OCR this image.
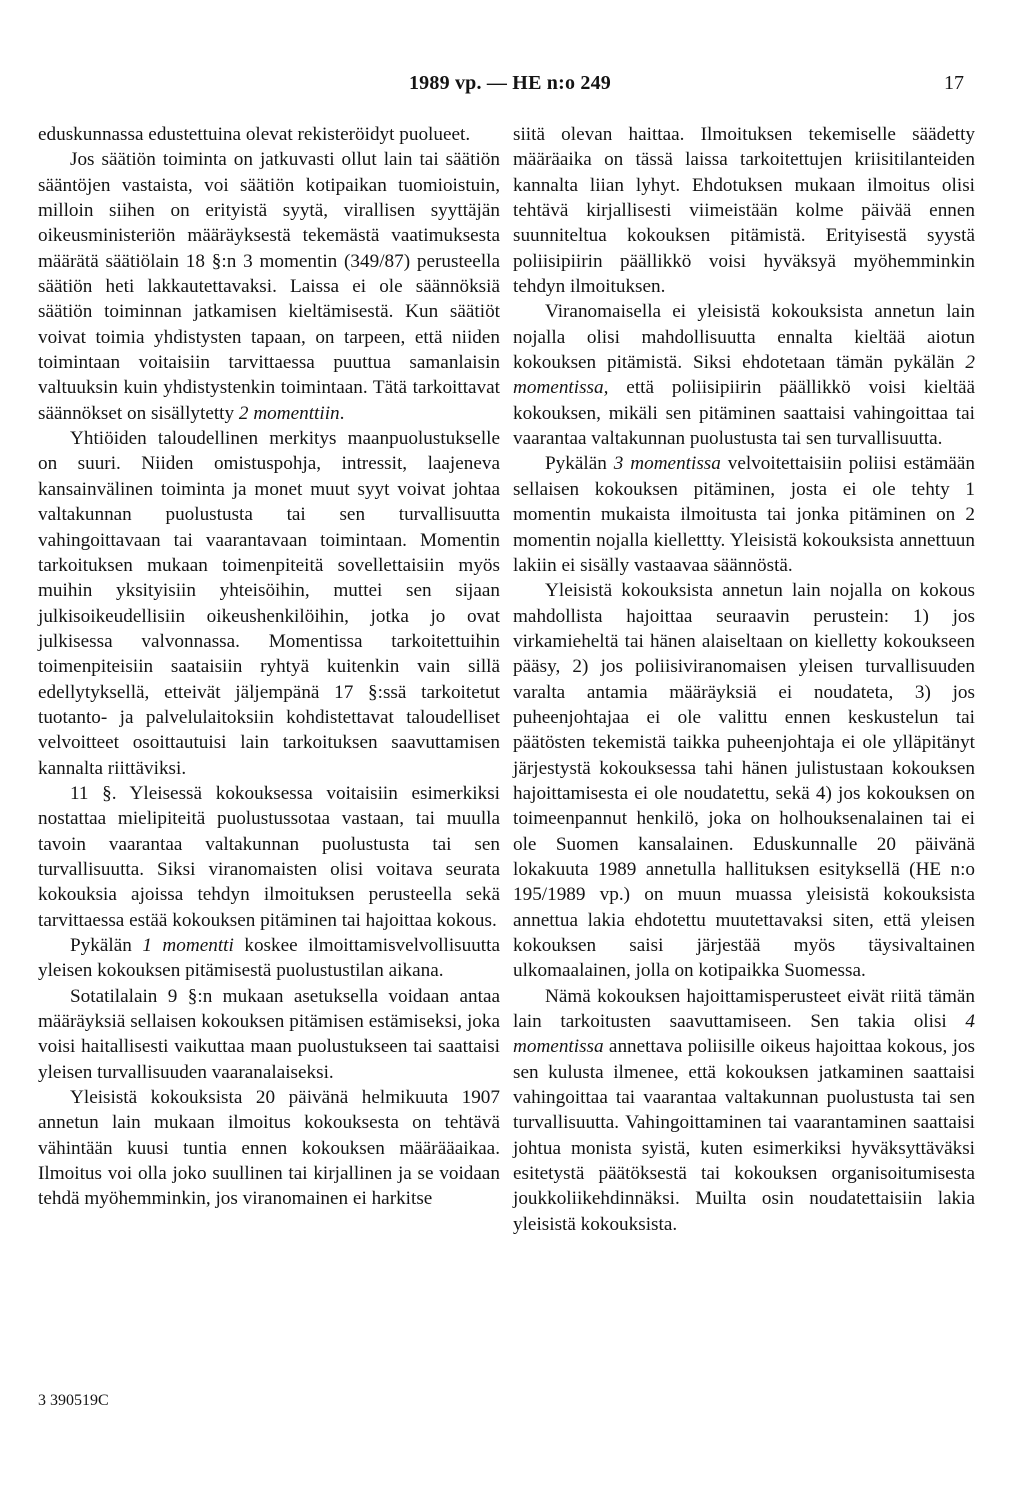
1989 vp. — HE n:o 249	17

eduskunnassa edustettuina olevat rekisteröidyt puolueet.

Jos säätiön toiminta on jatkuvasti ollut lain tai säätiön sääntöjen vastaista, voi säätiön kotipaikan tuomioistuin, milloin siihen on erityistä syytä, virallisen syyttäjän oikeusministeriön määräyksestä tekemästä vaatimuksesta määrätä säätiölain 18 §:n 3 momentin (349/87) perusteella säätiön heti lakkautettavaksi. Laissa ei ole säännöksiä säätiön toiminnan jatkamisen kieltämisestä. Kun säätiöt voivat toimia yhdistysten tapaan, on tarpeen, että niiden toimintaan voitaisiin tarvittaessa puuttua samanlaisin valtuuksin kuin yhdistystenkin toimintaan. Tätä tarkoittavat säännökset on sisällytetty 2 momenttiin.

Yhtiöiden taloudellinen merkitys maanpuolustukselle on suuri. Niiden omistuspohja, intressit, laajeneva kansainvälinen toiminta ja monet muut syyt voivat johtaa valtakunnan puolustusta tai sen turvallisuutta vahingoittavaan tai vaarantavaan toimintaan. Momentin tarkoituksen mukaan toimenpiteitä sovellettaisiin myös muihin yksityisiin yhteisöihin, muttei sen sijaan julkisoikeudellisiin oikeushenkilöihin, jotka jo ovat julkisessa valvonnassa. Momentissa tarkoitettuihin toimenpiteisiin saataisiin ryhtyä kuitenkin vain sillä edellytyksellä, etteivät jäljempänä 17 §:ssä tarkoitetut tuotanto- ja palvelulaitoksiin kohdistettavat taloudelliset velvoitteet osoittautuisi lain tarkoituksen saavuttamisen kannalta riittäviksi.

11 §. Yleisessä kokouksessa voitaisiin esimerkiksi nostattaa mielipiteitä puolustussotaa vastaan, tai muulla tavoin vaarantaa valtakunnan puolustusta tai sen turvallisuutta. Siksi viranomaisten olisi voitava seurata kokouksia ajoissa tehdyn ilmoituksen perusteella sekä tarvittaessa estää kokouksen pitäminen tai hajoittaa kokous.

Pykälän 1 momentti koskee ilmoittamisvelvollisuutta yleisen kokouksen pitämisestä puolustustilan aikana.

Sotatilalain 9 §:n mukaan asetuksella voidaan antaa määräyksiä sellaisen kokouksen pitämisen estämiseksi, joka voisi haitallisesti vaikuttaa maan puolustukseen tai saattaisi yleisen turvallisuuden vaaranalaiseksi.

Yleisistä kokouksista 20 päivänä helmikuuta 1907 annetun lain mukaan ilmoitus kokouksesta on tehtävä vähintään kuusi tuntia ennen kokouksen määrääaikaa. Ilmoitus voi olla joko suullinen tai kirjallinen ja se voidaan tehdä myöhemminkin, jos viranomainen ei harkitse

siitä olevan haittaa. Ilmoituksen tekemiselle säädetty määräaika on tässä laissa tarkoitettujen kriisitilanteiden kannalta liian lyhyt. Ehdotuksen mukaan ilmoitus olisi tehtävä kirjallisesti viimeistään kolme päivää ennen suunniteltua kokouksen pitämistä. Erityisestä syystä poliisipiirin päällikkö voisi hyväksyä myöhemminkin tehdyn ilmoituksen.

Viranomaisella ei yleisistä kokouksista annetun lain nojalla olisi mahdollisuutta ennalta kieltää aiotun kokouksen pitämistä. Siksi ehdotetaan tämän pykälän 2 momentissa, että poliisipiirin päällikkö voisi kieltää kokouksen, mikäli sen pitäminen saattaisi vahingoittaa tai vaarantaa valtakunnan puolustusta tai sen turvallisuutta.

Pykälän 3 momentissa velvoitettaisiin poliisi estämään sellaisen kokouksen pitäminen, josta ei ole tehty 1 momentin mukaista ilmoitusta tai jonka pitäminen on 2 momentin nojalla kiellettty. Yleisistä kokouksista annettuun lakiin ei sisälly vastaavaa säännöstä.

Yleisistä kokouksista annetun lain nojalla on kokous mahdollista hajoittaa seuraavin perustein: 1) jos virkamieheltä tai hänen alaiseltaan on kielletty kokoukseen pääsy, 2) jos poliisiviranomaisen yleisen turvallisuuden varalta antamia määräyksiä ei noudateta, 3) jos puheenjohtajaa ei ole valittu ennen keskustelun tai päätösten tekemistä taikka puheenjohtaja ei ole ylläpitänyt järjestystä kokouksessa tahi hänen julistustaan kokouksen hajoittamisesta ei ole noudatettu, sekä 4) jos kokouksen on toimeenpannut henkilö, joka on holhouksenalainen tai ei ole Suomen kansalainen. Eduskunnalle 20 päivänä lokakuuta 1989 annetulla hallituksen esityksellä (HE n:o 195/1989 vp.) on muun muassa yleisistä kokouksista annettua lakia ehdotettu muutettavaksi siten, että yleisen kokouksen saisi järjestää myös täysivaltainen ulkomaalainen, jolla on kotipaikka Suomessa.

Nämä kokouksen hajoittamisperusteet eivät riitä tämän lain tarkoitusten saavuttamiseen. Sen takia olisi 4 momentissa annettava poliisille oikeus hajoittaa kokous, jos sen kulusta ilmenee, että kokouksen jatkaminen saattaisi vahingoittaa tai vaarantaa valtakunnan puolustusta tai sen turvallisuutta. Vahingoittaminen tai vaarantaminen saattaisi johtua monista syistä, kuten esimerkiksi hyväksyttäväksi esitetystä päätöksestä tai kokouksen organisoitumisesta joukkoliikehdinnäksi. Muilta osin noudatettaisiin lakia yleisistä kokouksista.

3 390519C
